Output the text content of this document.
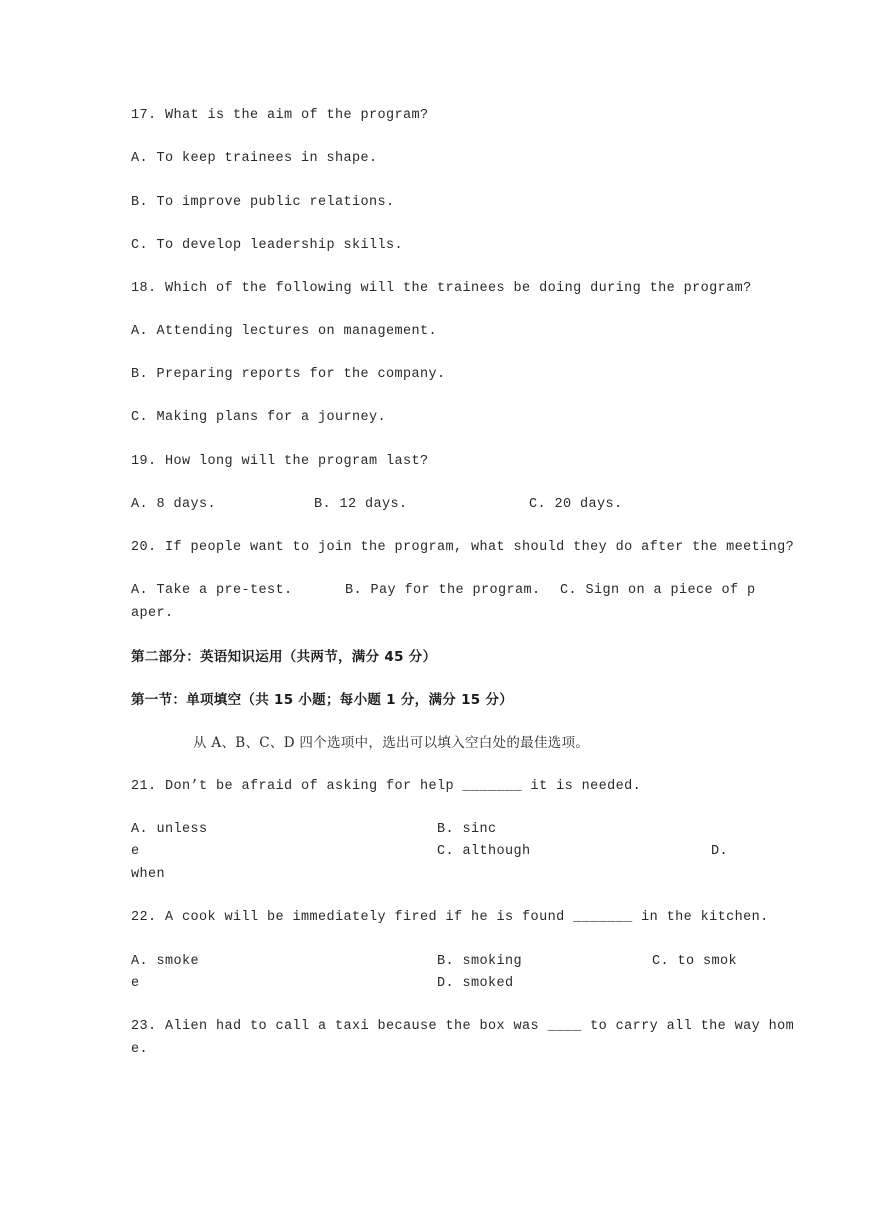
17. What is the aim of the program?
A. To keep trainees in shape.
B. To improve public relations.
C. To develop leadership skills.
18. Which of the following will the trainees be doing during the program?
A. Attending lectures on management.
B. Preparing reports for the company.
C. Making plans for a journey.
19. How long will the program last?
A. 8 days.	B. 12 days.	C. 20 days.
20. If people want to join the program, what should they do after the meeting?
A. Take a pre-test.	B. Pay for the program. C. Sign on a piece of p
aper.
第二部分：英语知识运用（共两节，满分 45 分）
第一节：单项填空（共 15 小题；每小题 1 分，满分 15 分）
从 A、B、C、D 四个选项中，选出可以填入空白处的最佳选项。
21. Don’t be afraid of asking for help _______ it is needed.
A. unless	B. sinc
e	C. although	D.
when
22. A cook will be immediately fired if he is found _______ in the kitchen.
A. smoke	B. smoking	C. to smok
e	D. smoked
23. Alien had to call a taxi because the box was ____ to carry all the way hom
e.
